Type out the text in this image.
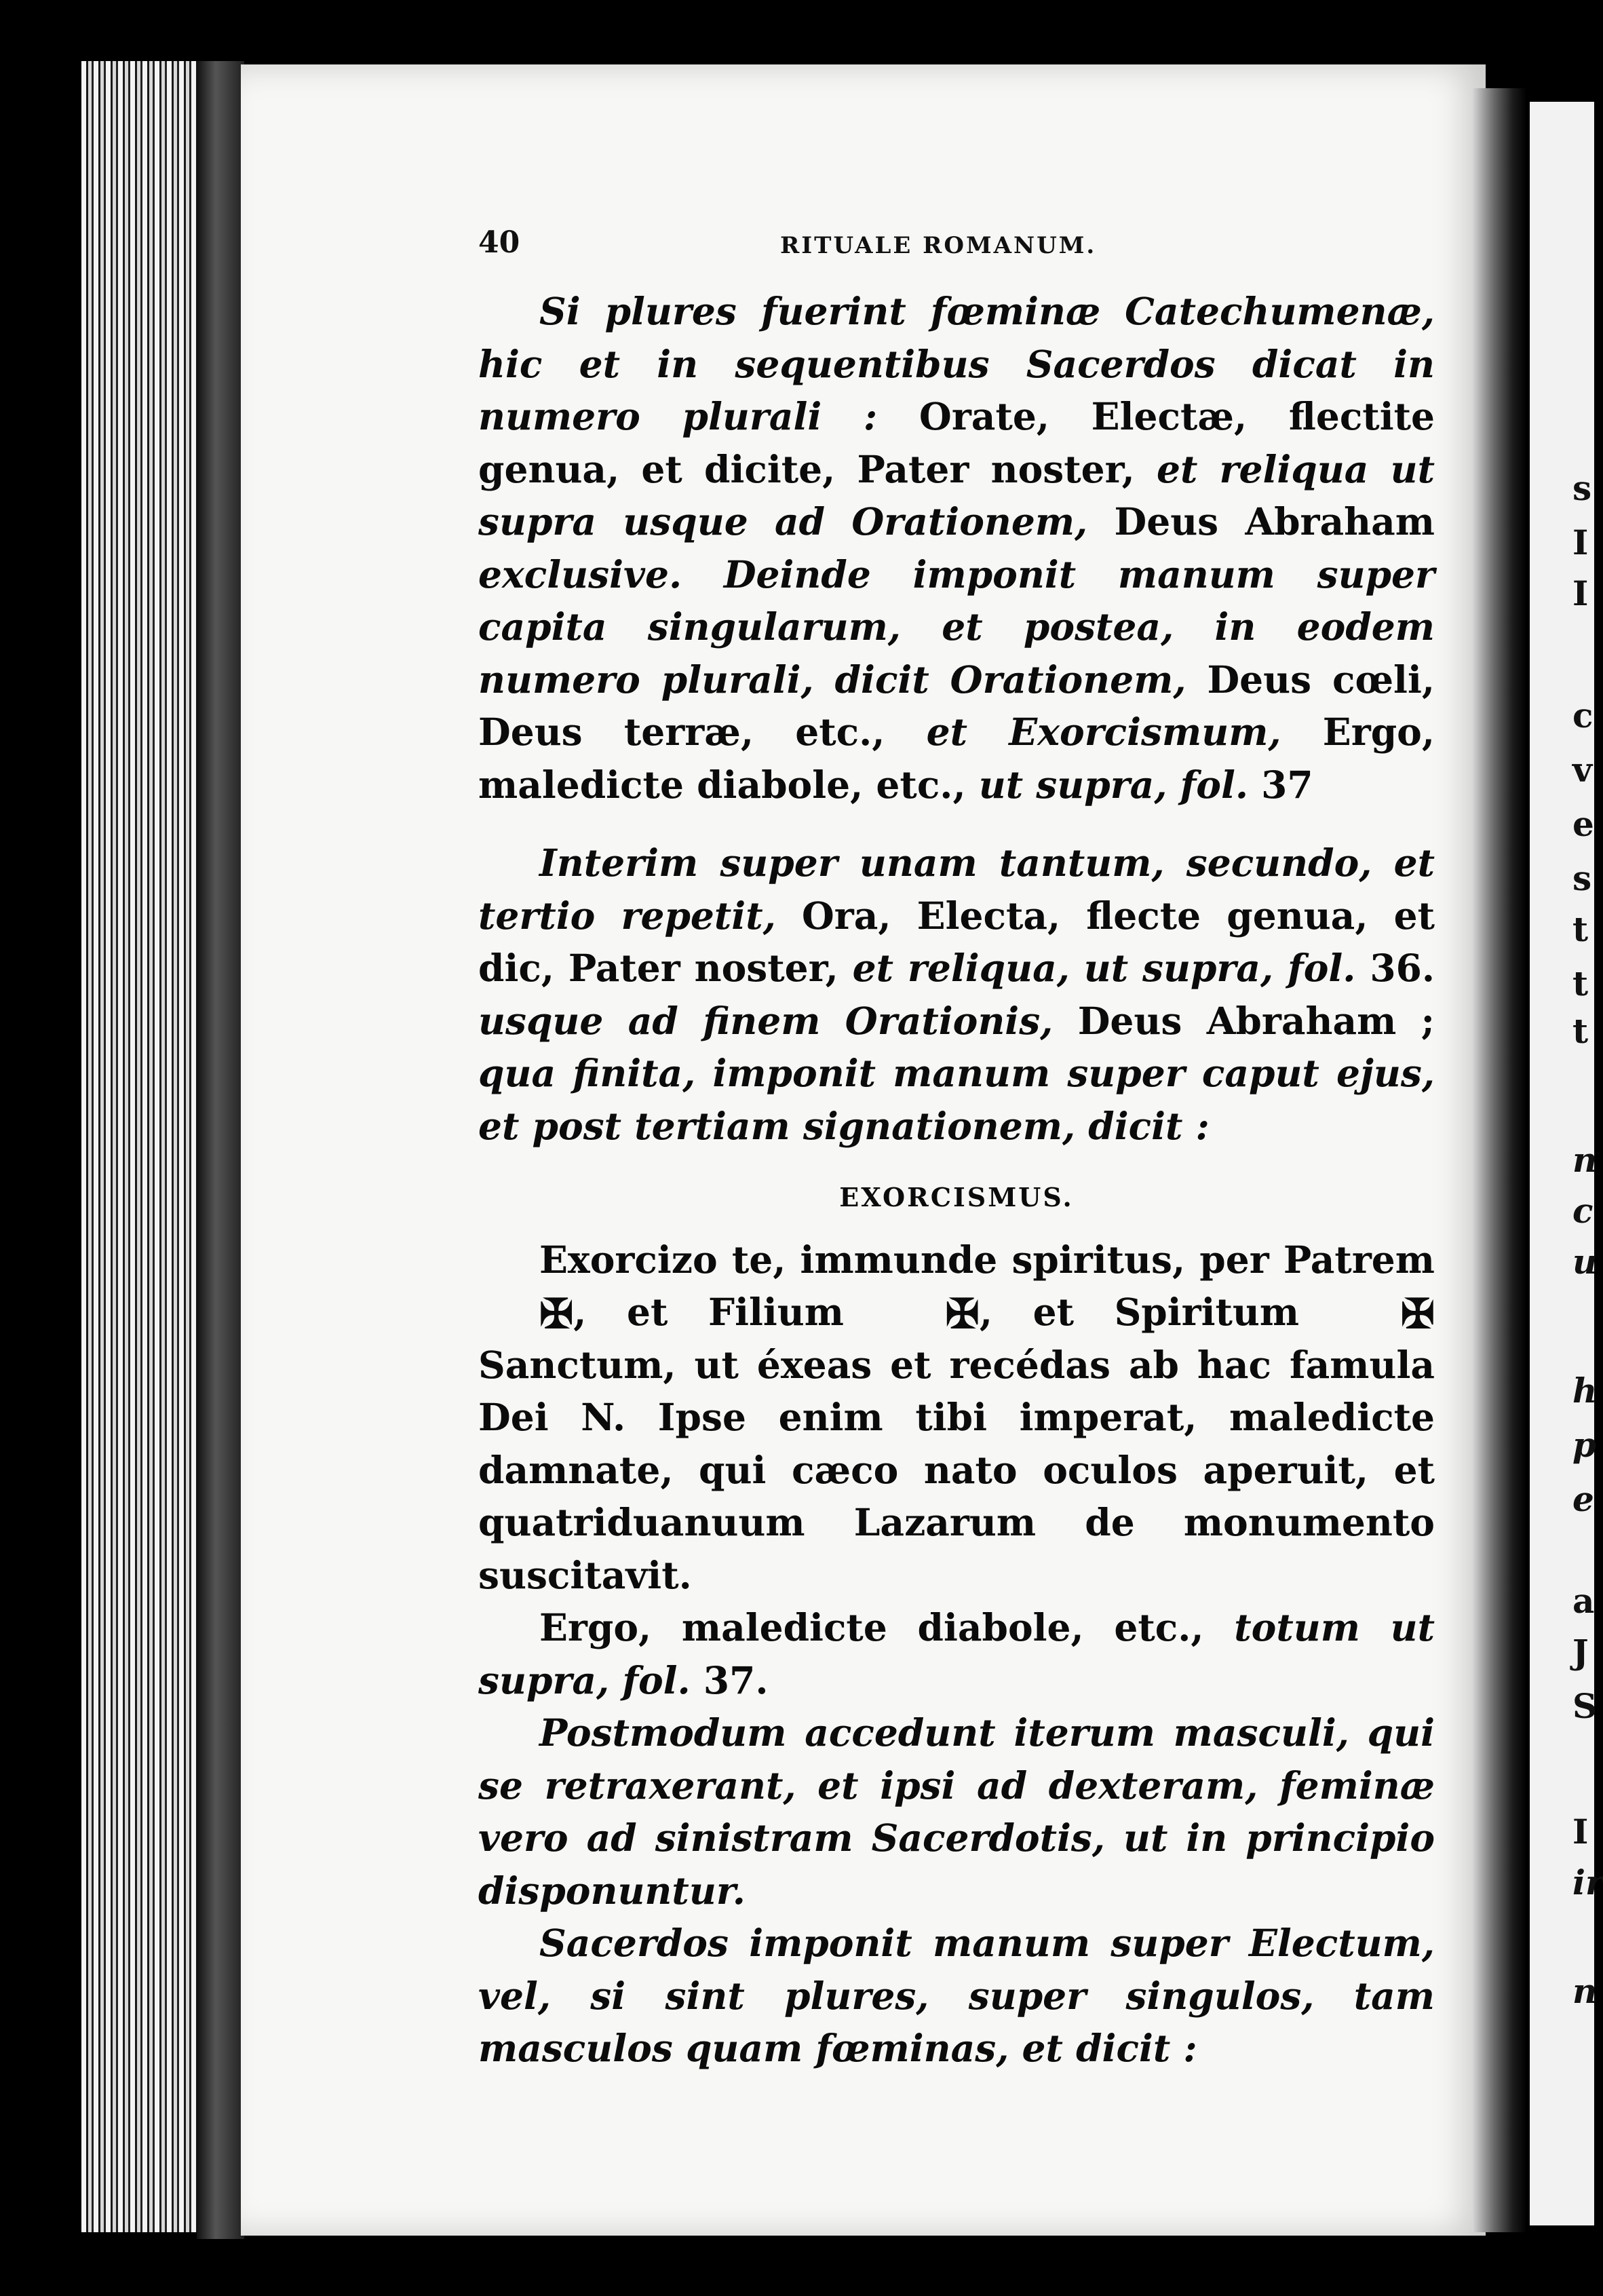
s
I
I
c
v
e
s
t
t
t
n
c
u
h
p
e
a
J
S
I
ir
n
40	RITUALE ROMANUM.

Si plures fuerint fœminæ Catechumenæ, hic et in sequentibus Sacerdos dicat in numero plurali : Orate, Electæ, flectite genua, et dicite, Pater noster, et reliqua ut supra usque ad Orationem, Deus Abraham exclusive. Deinde imponit manum super capita singularum, et postea, in eodem numero plurali, dicit Orationem, Deus cœli, Deus terræ, etc., et Exorcismum, Ergo, maledicte diabole, etc., ut supra, fol. 37

Interim super unam tantum, secundo, et tertio repetit, Ora, Electa, flecte genua, et dic, Pater noster, et reliqua, ut supra, fol. 36. usque ad finem Orationis, Deus Abraham ; qua finita, imponit manum super caput ejus, et post tertiam signationem, dicit :

EXORCISMUS.

Exorcizo te, immunde spiritus, per Patrem ✠, et Filium ✠, et Spiritum ✠ Sanctum, ut éxeas et recédas ab hac famula Dei N. Ipse enim tibi imperat, maledicte damnate, qui cæco nato oculos aperuit, et quatriduanuum Lazarum de monumento suscitavit.

Ergo, maledicte diabole, etc., totum ut supra, fol. 37.

Postmodum accedunt iterum masculi, qui se retraxerant, et ipsi ad dexteram, feminæ vero ad sinistram Sacerdotis, ut in principio disponuntur.

Sacerdos imponit manum super Electum, vel, si sint plures, super singulos, tam masculos quam fœminas, et dicit :
